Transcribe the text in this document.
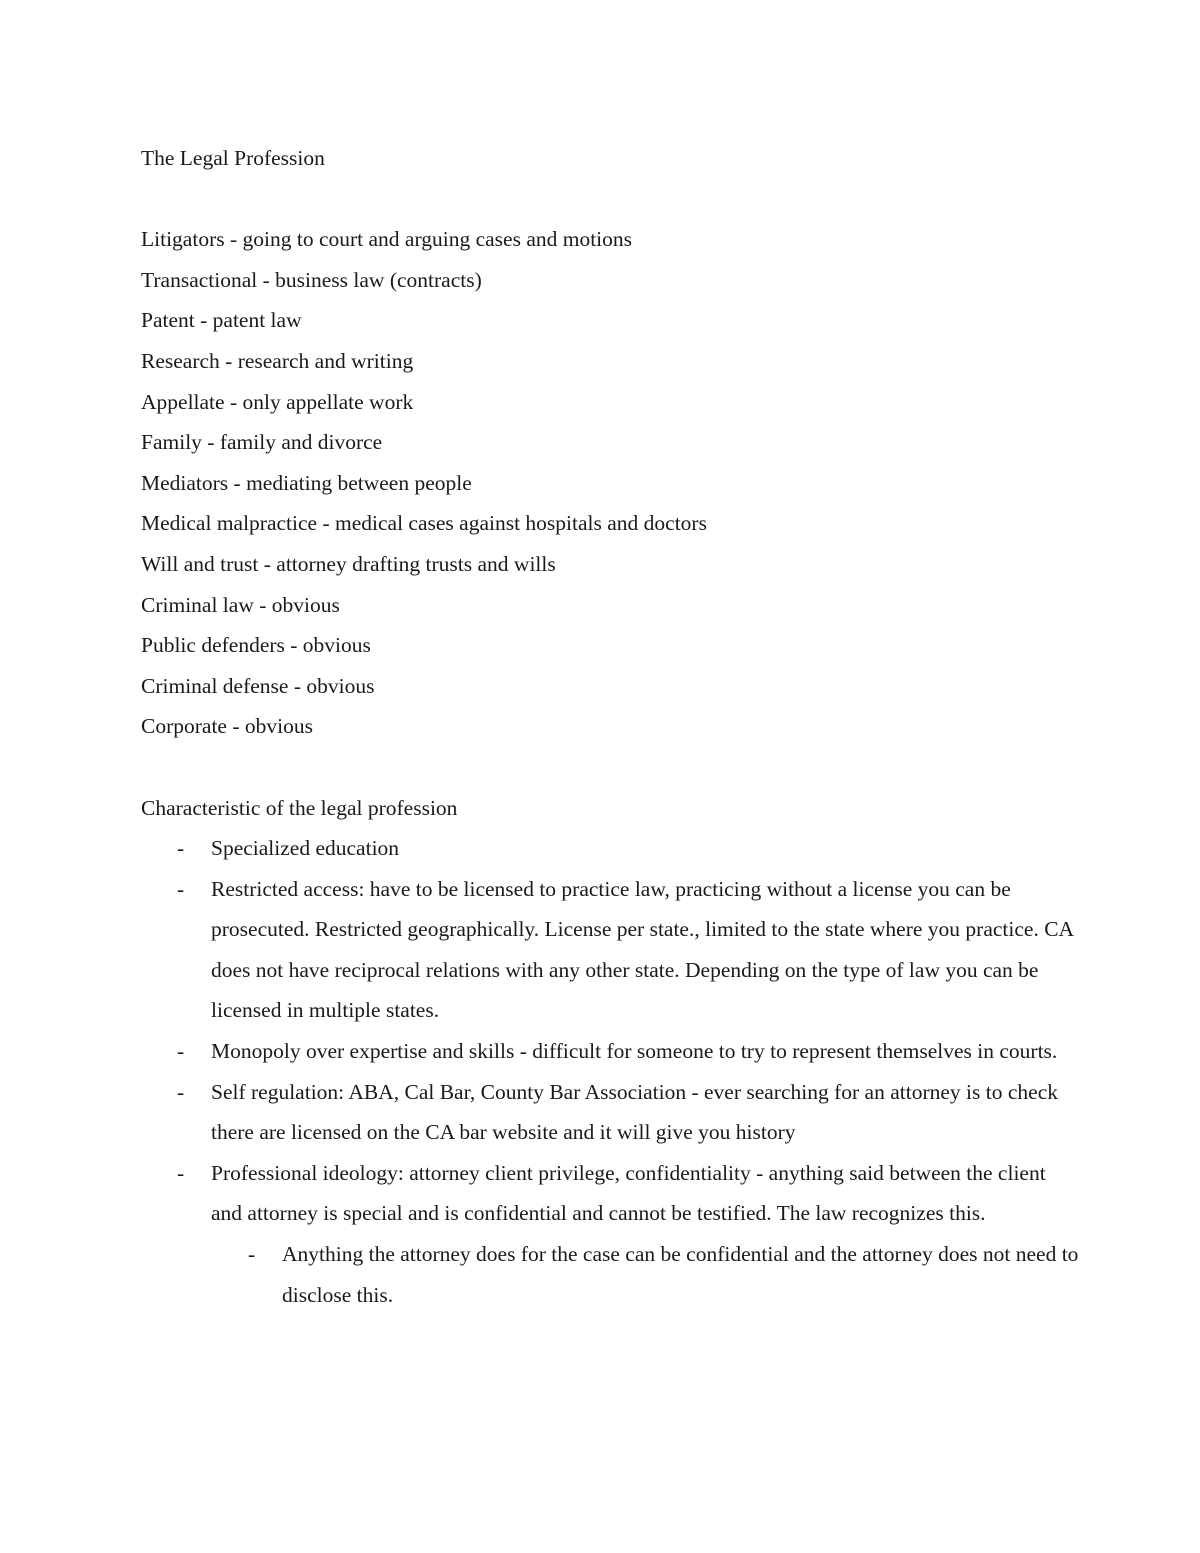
The Legal Profession

Litigators - going to court and arguing cases and motions

Transactional - business law (contracts)

Patent - patent law

Research - research and writing

Appellate - only appellate work

Family - family and divorce

Mediators - mediating between people

Medical malpractice - medical cases against hospitals and doctors

Will and trust - attorney drafting trusts and wills

Criminal law - obvious

Public defenders - obvious

Criminal defense - obvious

Corporate - obvious

Characteristic of the legal profession

- Specialized education
- Restricted access: have to be licensed to practice law, practicing without a license you can be prosecuted. Restricted geographically. License per state., limited to the state where you practice. CA does not have reciprocal relations with any other state. Depending on the type of law you can be licensed in multiple states.
- Monopoly over expertise and skills - difficult for someone to try to represent themselves in courts.
- Self regulation: ABA, Cal Bar, County Bar Association - ever searching for an attorney is to check there are licensed on the CA bar website and it will give you history
- Professional ideology: attorney client privilege, confidentiality - anything said between the client and attorney is special and is confidential and cannot be testified. The law recognizes this.
- Anything the attorney does for the case can be confidential and the attorney does not need to disclose this.
